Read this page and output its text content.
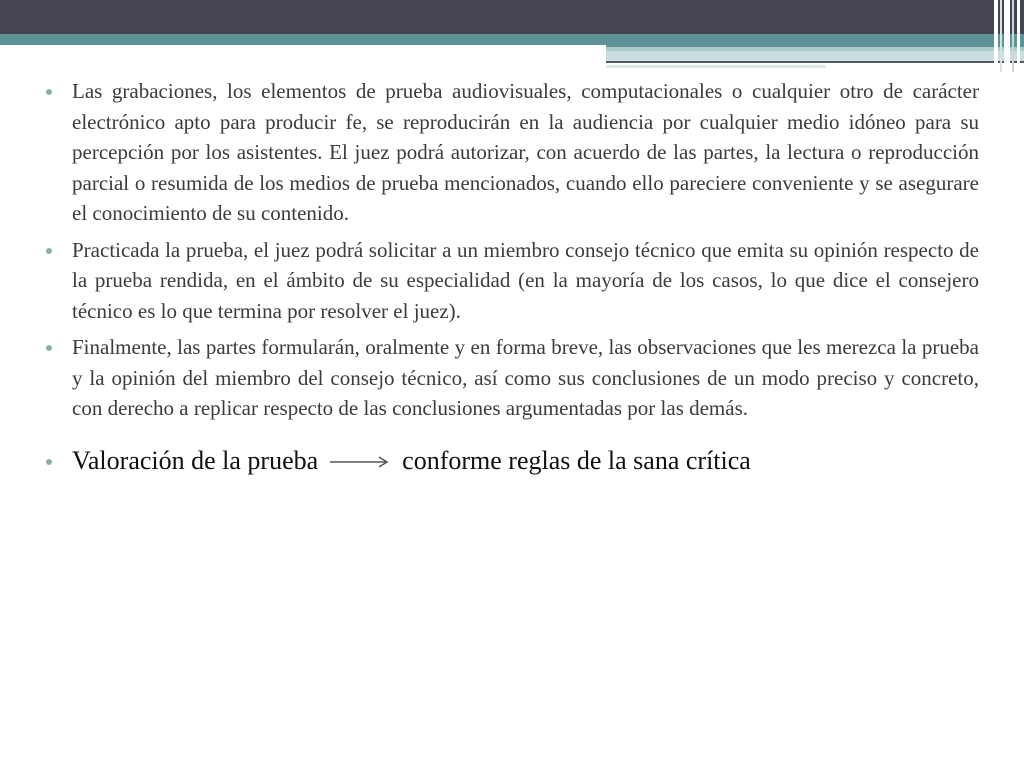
Las grabaciones, los elementos de prueba audiovisuales, computacionales o cualquier otro de carácter electrónico apto para producir fe, se reproducirán en la audiencia por cualquier medio idóneo para su percepción por los asistentes. El juez podrá autorizar, con acuerdo de las partes, la lectura o reproducción parcial o resumida de los medios de prueba mencionados, cuando ello pareciere conveniente y se asegurare el conocimiento de su contenido.
Practicada la prueba, el juez podrá solicitar a un miembro consejo técnico que emita su opinión respecto de la prueba rendida, en el ámbito de su especialidad (en la mayoría de los casos, lo que dice el consejero técnico es lo que termina por resolver el juez).
Finalmente, las partes formularán, oralmente y en forma breve, las observaciones que les merezca la prueba y la opinión del miembro del consejo técnico, así como sus conclusiones de un modo preciso y concreto, con derecho a replicar respecto de las conclusiones argumentadas por las demás.
Valoración de la prueba	conforme reglas de la sana crítica
